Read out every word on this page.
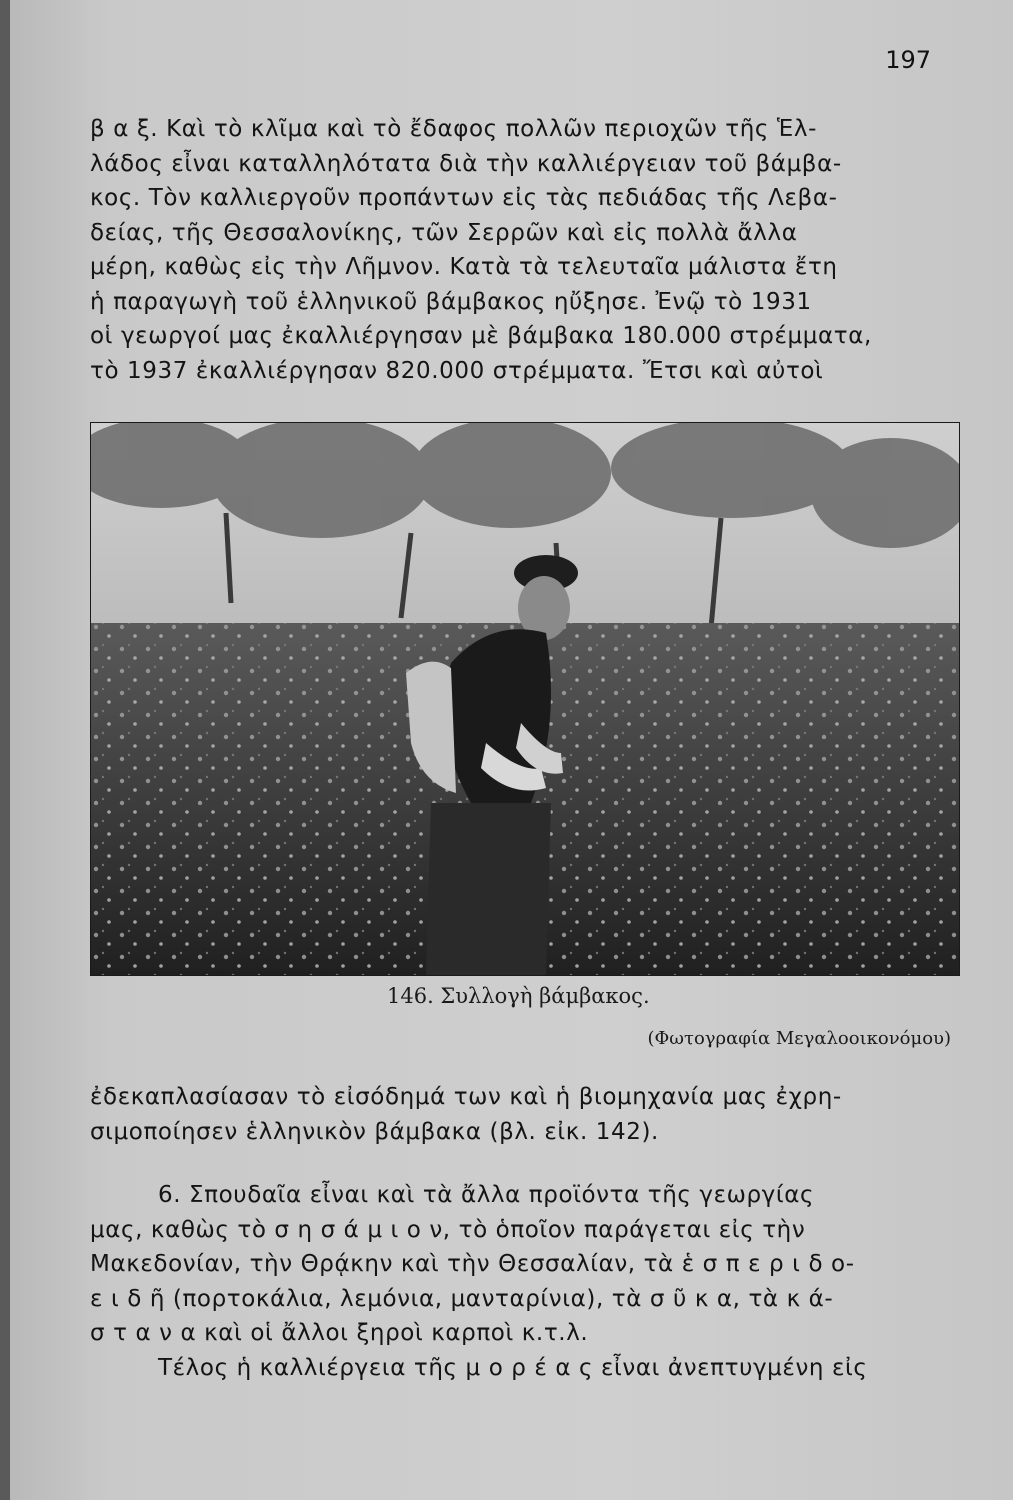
197

β α ξ. Καὶ τὸ κλῖμα καὶ τὸ ἔδαφος πολλῶν περιοχῶν τῆς Ἑλ-

λάδος εἶναι καταλληλότατα διὰ τὴν καλλιέργειαν τοῦ βάμβα-

κος. Τὸν καλλιεργοῦν προπάντων εἰς τὰς πεδιάδας τῆς Λεβα-

δείας, τῆς Θεσσαλονίκης, τῶν Σερρῶν καὶ εἰς πολλὰ ἄλλα

μέρη, καθὼς εἰς τὴν Λῆμνον. Κατὰ τὰ τελευταῖα μάλιστα ἔτη

ἡ παραγωγὴ τοῦ ἑλληνικοῦ βάμβακος ηὔξησε. Ἐνῷ τὸ 1931

οἱ γεωργοί μας ἐκαλλιέργησαν μὲ βάμβακα 180.000 στρέμματα,

τὸ 1937 ἐκαλλιέργησαν 820.000 στρέμματα. Ἔτσι καὶ αὐτοὶ

146. Συλλογὴ βάμβακος.
(Φωτογραφία Μεγαλοοικονόμου)

ἐδεκαπλασίασαν τὸ εἰσόδημά των καὶ ἡ βιομηχανία μας ἐχρη-

σιμοποίησεν ἑλληνικὸν βάμβακα (βλ. εἰκ. 142).

6. Σπουδαῖα εἶναι καὶ τὰ ἄλλα προϊόντα τῆς γεωργίας

μας, καθὼς τὸ σ η σ ά μ ι ο ν, τὸ ὁποῖον παράγεται εἰς τὴν

Μακεδονίαν, τὴν Θρᾴκην καὶ τὴν Θεσσαλίαν, τὰ ἑ σ π ε ρ ι δ ο-

ε ι δ ῆ (πορτοκάλια, λεμόνια, μανταρίνια), τὰ σ ῦ κ α, τὰ κ ά-

σ τ α ν α καὶ οἱ ἄλλοι ξηροὶ καρποὶ κ.τ.λ.

Τέλος ἡ καλλιέργεια τῆς μ ο ρ έ α ς εἶναι ἀνεπτυγμένη εἰς
